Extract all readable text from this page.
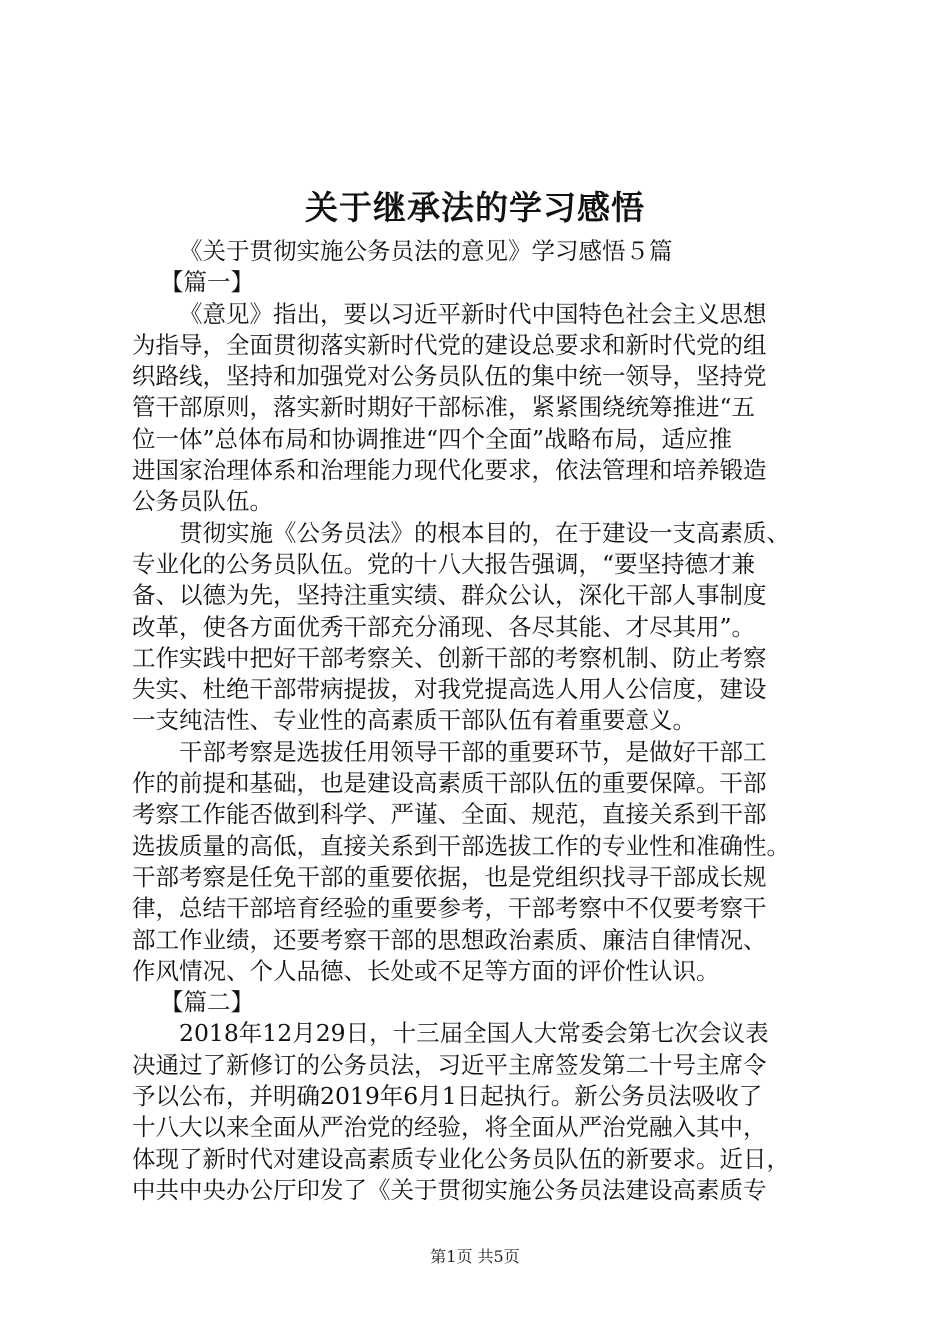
关于继承法的学习感悟
《关于贯彻实施公务员法的意见》学习感悟５篇
【篇一】
《意见》指出，要以习近平新时代中国特色社会主义思想
为指导，全面贯彻落实新时代党的建设总要求和新时代党的组
织路线，坚持和加强党对公务员队伍的集中统一领导，坚持党
管干部原则，落实新时期好干部标准，紧紧围绕统筹推进“五
位一体”总体布局和协调推进“四个全面”战略布局，适应推
进国家治理体系和治理能力现代化要求，依法管理和培养锻造
公务员队伍。
贯彻实施《公务员法》的根本目的，在于建设一支高素质、
专业化的公务员队伍。党的十八大报告强调，“要坚持德才兼
备、以德为先，坚持注重实绩、群众公认，深化干部人事制度
改革，使各方面优秀干部充分涌现、各尽其能、才尽其用”。
工作实践中把好干部考察关、创新干部的考察机制、防止考察
失实、杜绝干部带病提拔，对我党提高选人用人公信度，建设
一支纯洁性、专业性的高素质干部队伍有着重要意义。
干部考察是选拔任用领导干部的重要环节，是做好干部工
作的前提和基础，也是建设高素质干部队伍的重要保障。干部
考察工作能否做到科学、严谨、全面、规范，直接关系到干部
选拔质量的高低，直接关系到干部选拔工作的专业性和准确性。
干部考察是任免干部的重要依据，也是党组织找寻干部成长规
律，总结干部培育经验的重要参考，干部考察中不仅要考察干
部工作业绩，还要考察干部的思想政治素质、廉洁自律情况、
作风情况、个人品德、长处或不足等方面的评价性认识。
【篇二】
2018年12月29日，十三届全国人大常委会第七次会议表
决通过了新修订的公务员法，习近平主席签发第二十号主席令
予以公布，并明确2019年6月1日起执行。新公务员法吸收了
十八大以来全面从严治党的经验，将全面从严治党融入其中，
体现了新时代对建设高素质专业化公务员队伍的新要求。近日，
中共中央办公厅印发了《关于贯彻实施公务员法建设高素质专
第1页 共5页
